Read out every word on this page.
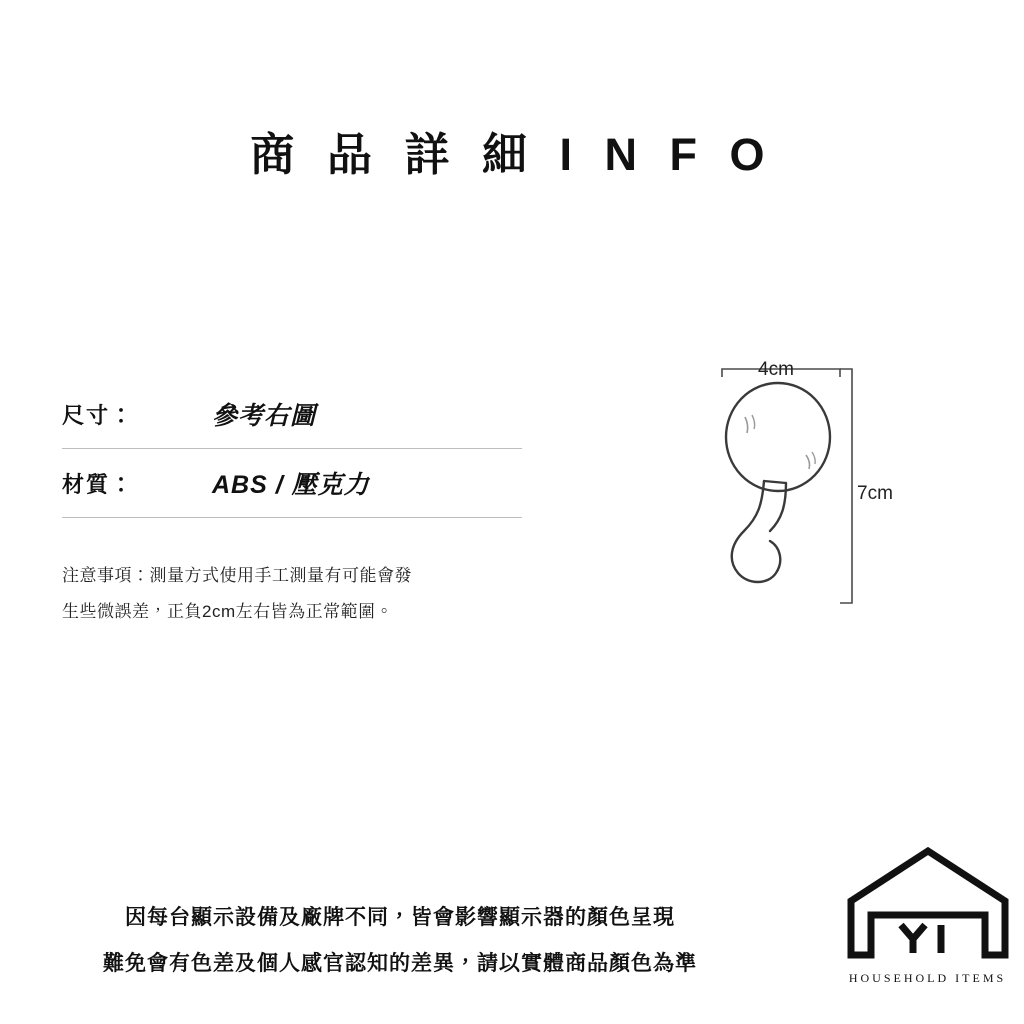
商 品 詳 細 I N F O
尺寸：	參考右圖
材質：	ABS / 壓克力
注意事項：測量方式使用手工測量有可能會發
生些微誤差，正負2cm左右皆為正常範圍。
4cm
7cm
因每台顯示設備及廠牌不同，皆會影響顯示器的顏色呈現
難免會有色差及個人感官認知的差異，請以實體商品顏色為準
HOUSEHOLD ITEMS
